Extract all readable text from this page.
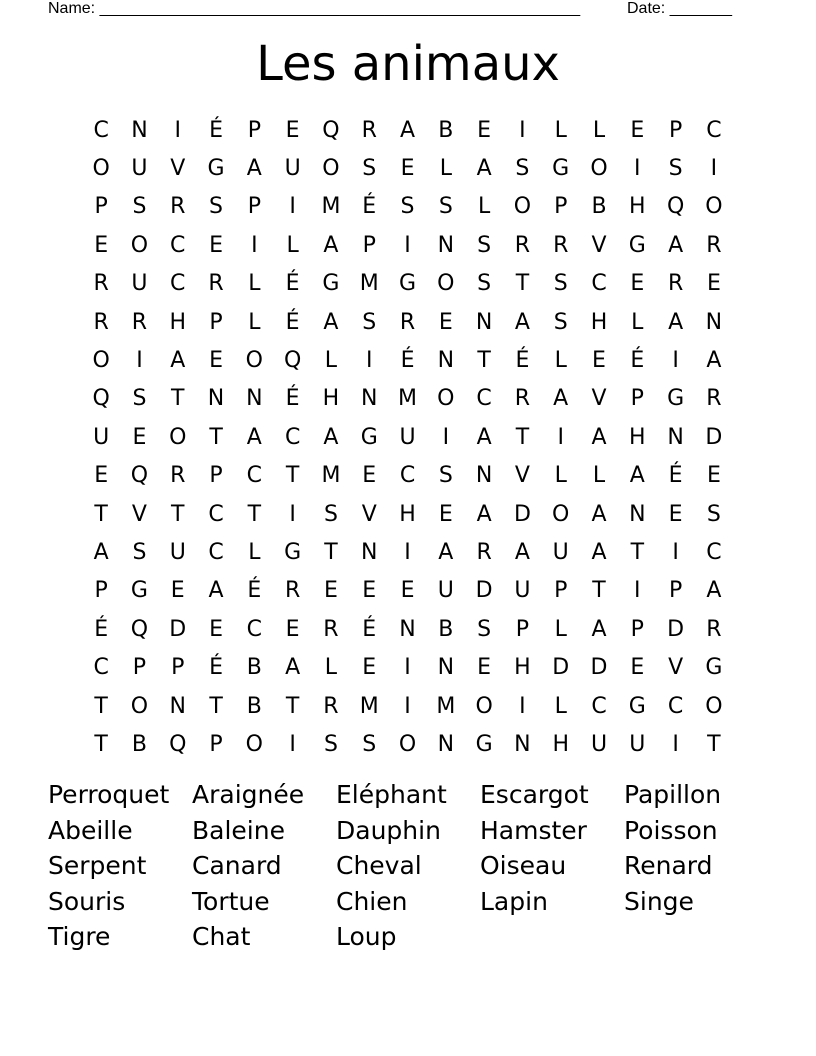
Name: ______________________________________________________	Date: _______
Les animaux
C	N	I	É	P	E	Q R	A	B	E	I	L	L	E	P	C
O U	V	G	A	U O	S	E	L	A	S	G O	I	S	I
P	S	R	S	P	I	M É	S	S	L	O	P	B	H Q O
E	O C	E	I	L	A	P	I	N	S	R	R	V	G	A	R
R	U	C	R	L	É	G M G O	S	T	S	C	E	R	E
R	R	H	P	L	É	A	S	R	E	N	A	S	H	L	A	N
O	I	A	E	O Q	L	I	É	N	T	É	L	E	É	I	A
Q	S	T	N N	É	H N M O C	R	A	V	P	G	R
U	E	O	T	A	C	A	G U	I	A	T	I	A	H N D
E	Q R	P	C	T	M E	C	S	N	V	L	L	A	É	E
T	V	T	C	T	I	S	V	H	E	A	D O	A	N	E	S
A	S	U	C	L	G	T	N	I	A	R	A	U	A	T	I	C
P	G	E	A	É	R	E	E	E	U D U	P	T	I	P	A
É	Q D	E	C	E	R	É	N	B	S	P	L	A	P	D	R
C	P	P	É	B	A	L	E	I	N	E	H D D	E	V	G
T	O N	T	B	T	R M	I	M O	I	L	C	G	C O
T	B	Q	P	O	I	S	S	O N G N H U	U	I	T
Perroquet Araignée	Eléphant	Escargot	Papillon
Abeille	Baleine	Dauphin	Hamster	Poisson
Serpent	Canard	Cheval	Oiseau	Renard
Souris	Tortue	Chien	Lapin	Singe
Tigre	Chat	Loup
